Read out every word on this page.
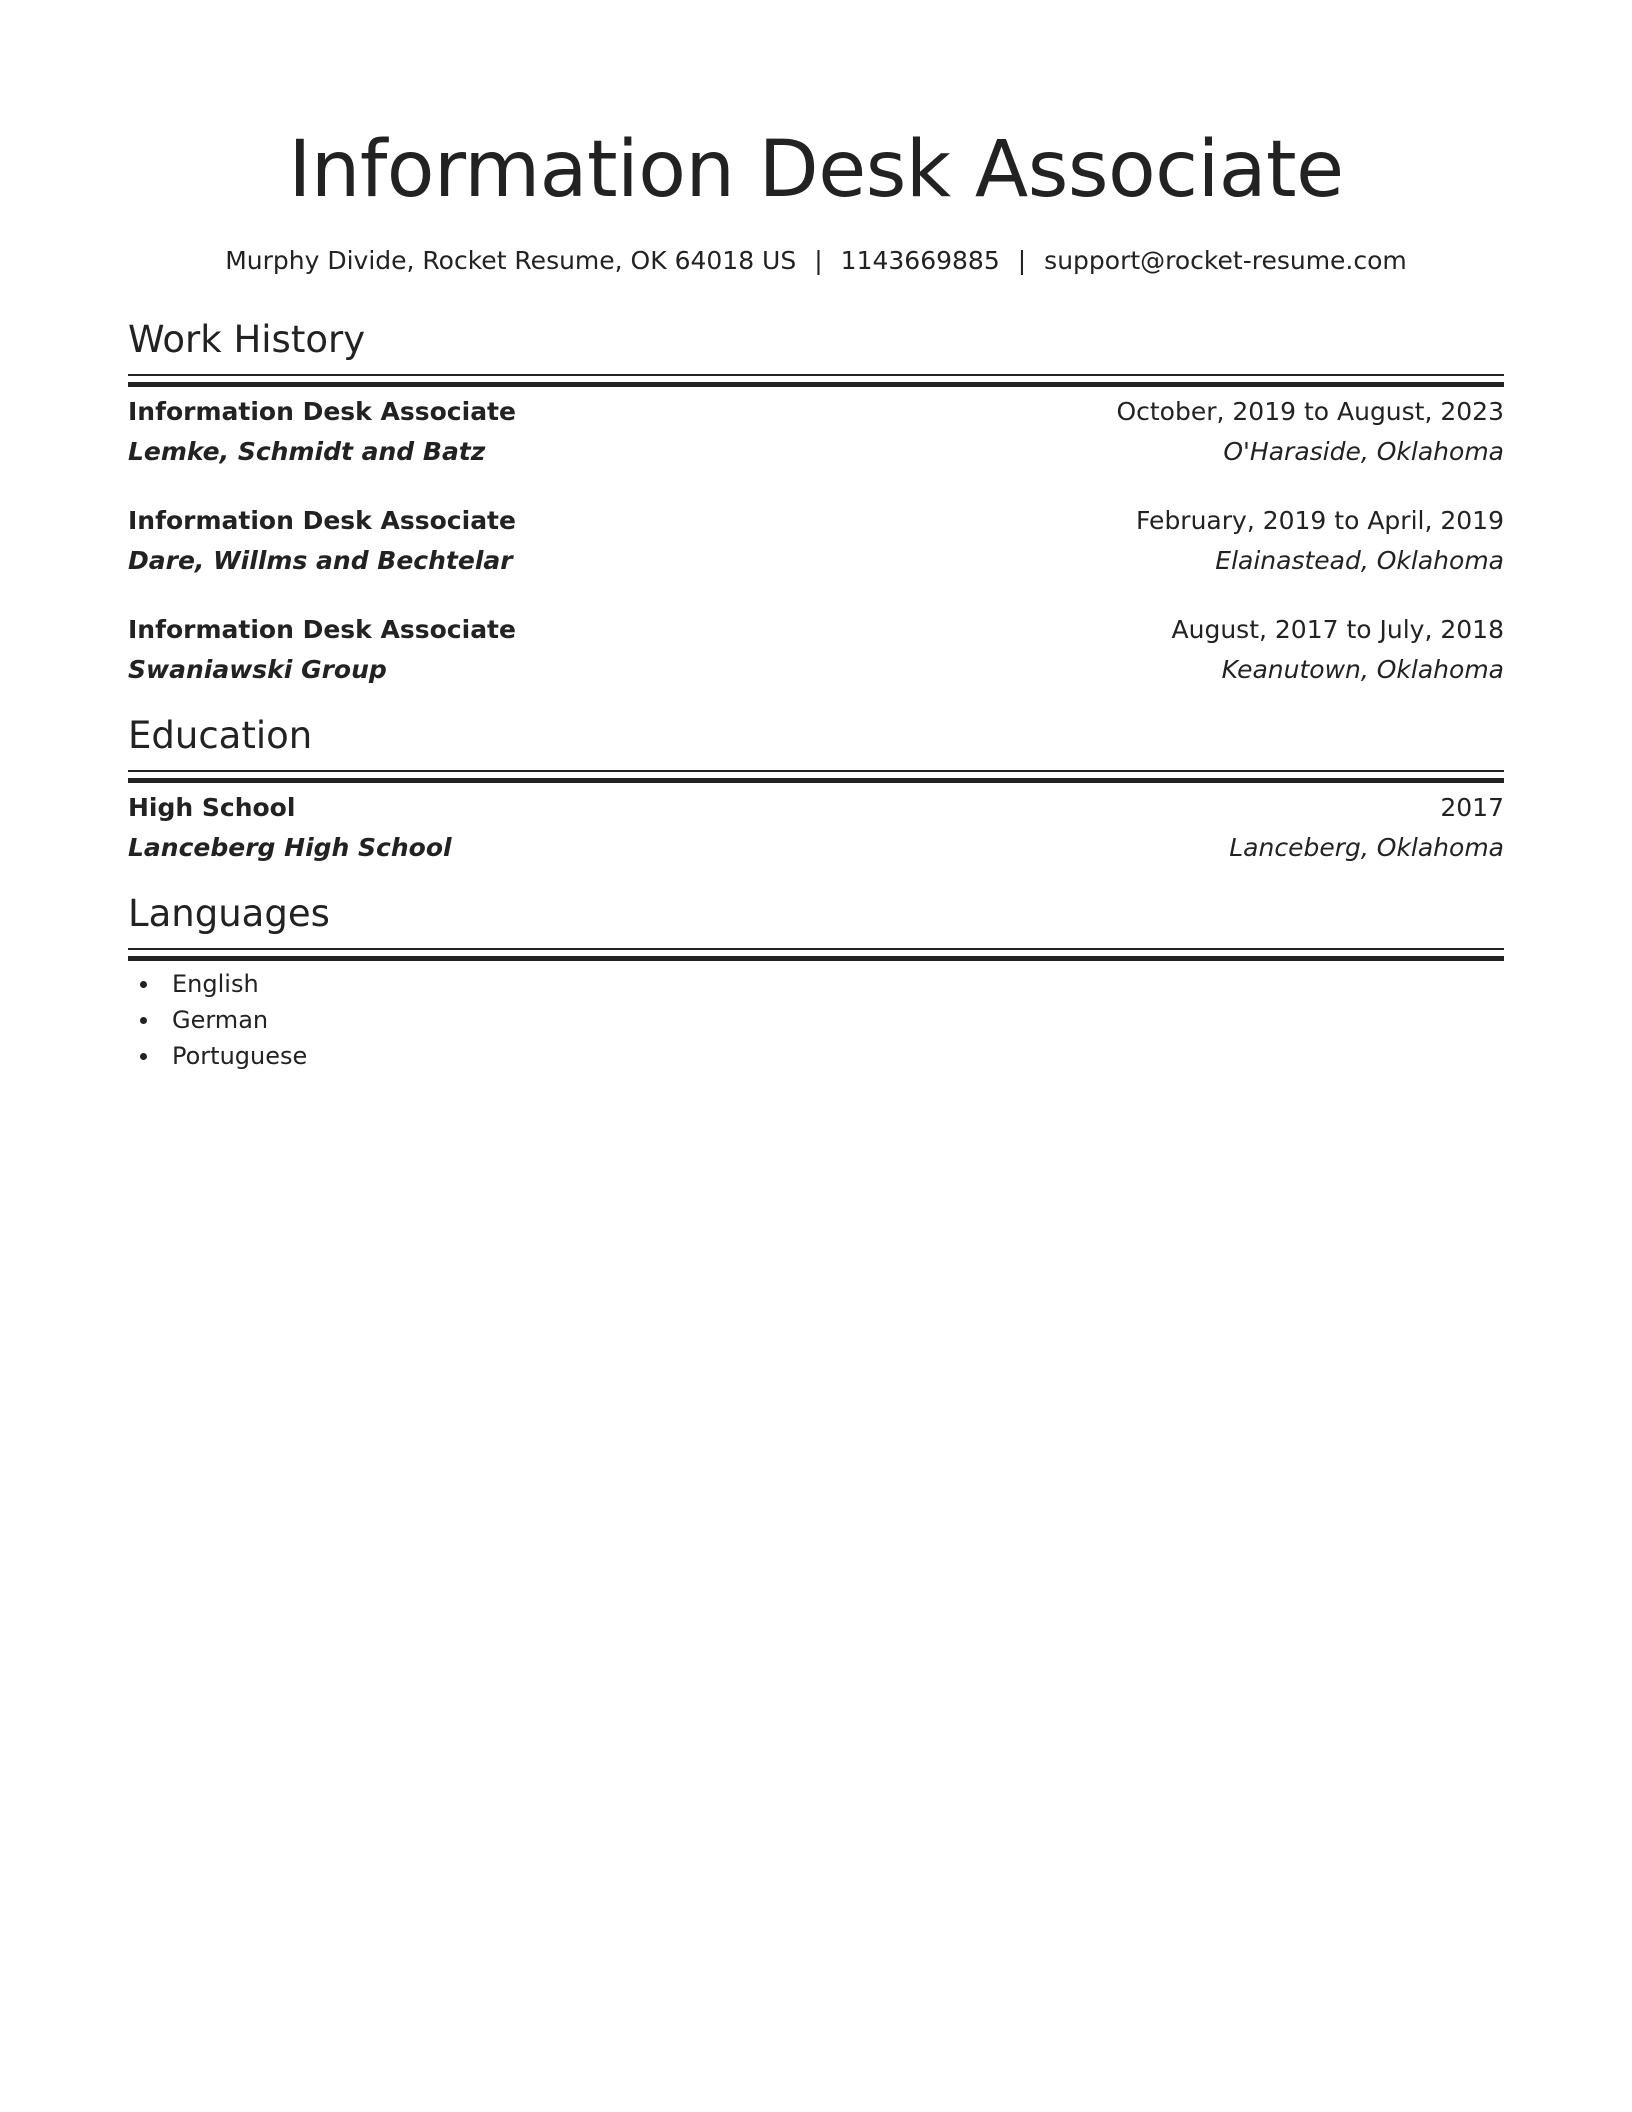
Information Desk Associate
Murphy Divide, Rocket Resume, OK 64018 US | 1143669885 | support@rocket-resume.com
Work History
Information Desk Associate	October, 2019 to August, 2023
Lemke, Schmidt and Batz	O'Haraside, Oklahoma
Information Desk Associate	February, 2019 to April, 2019
Dare, Willms and Bechtelar	Elainastead, Oklahoma
Information Desk Associate	August, 2017 to July, 2018
Swaniawski Group	Keanutown, Oklahoma
Education
High School	2017
Lanceberg High School	Lanceberg, Oklahoma
Languages
English
German
Portuguese
